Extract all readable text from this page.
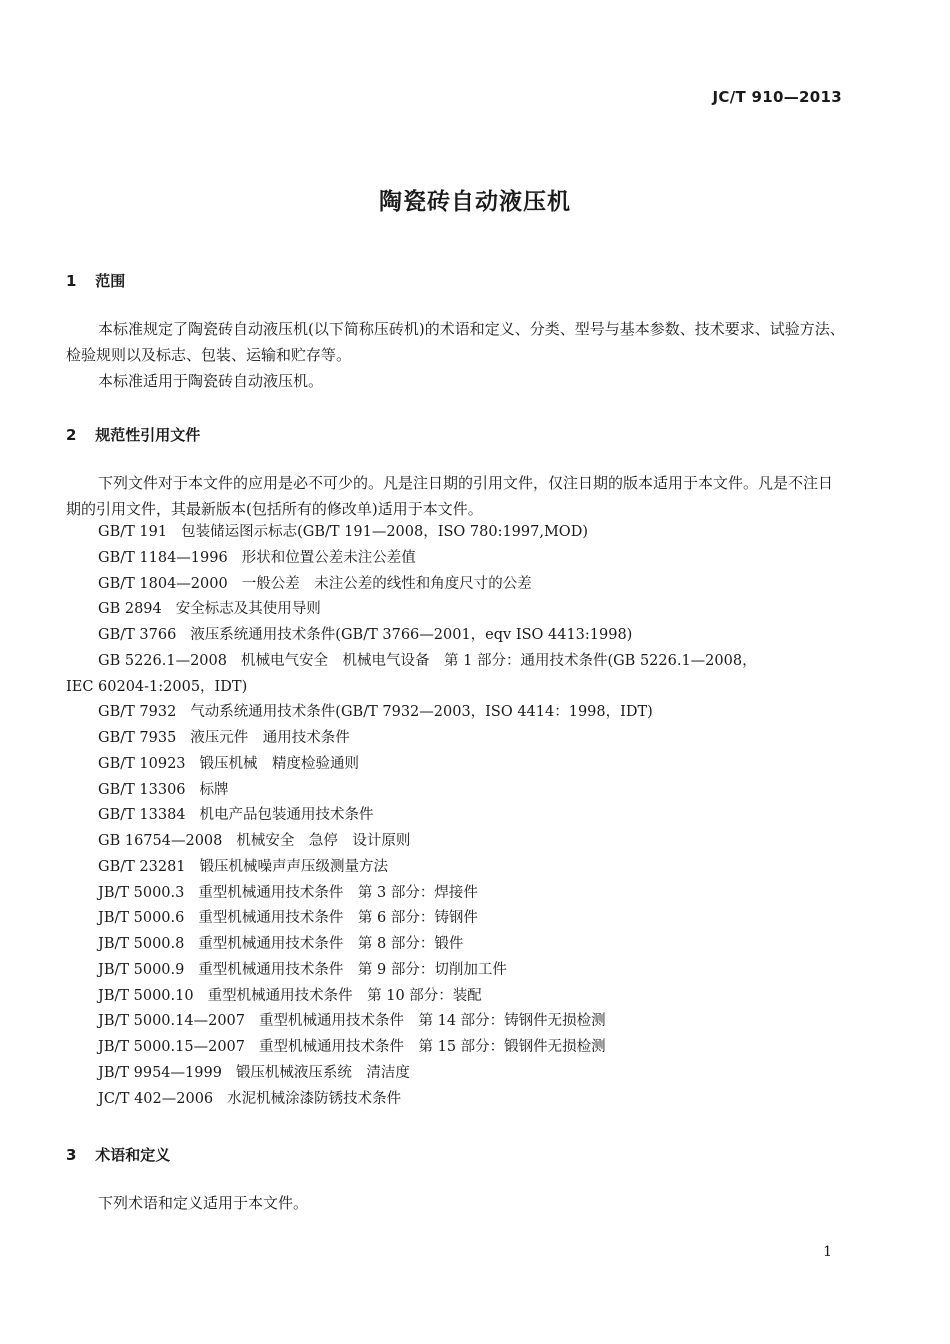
JC/T 910—2013
陶瓷砖自动液压机
1 范围
本标准规定了陶瓷砖自动液压机(以下简称压砖机)的术语和定义、分类、型号与基本参数、技术要求、试验方法、检验规则以及标志、包装、运输和贮存等。
本标准适用于陶瓷砖自动液压机。
2 规范性引用文件
下列文件对于本文件的应用是必不可少的。凡是注日期的引用文件，仅注日期的版本适用于本文件。凡是不注日期的引用文件，其最新版本(包括所有的修改单)适用于本文件。
GB/T 191 包装储运图示标志(GB/T 191—2008，ISO 780:1997,MOD)
GB/T 1184—1996 形状和位置公差未注公差值
GB/T 1804—2000 一般公差　未注公差的线性和角度尺寸的公差
GB 2894 安全标志及其使用导则
GB/T 3766 液压系统通用技术条件(GB/T 3766—2001，eqv ISO 4413:1998)
GB 5226.1—2008 机械电气安全　机械电气设备　第 1 部分：通用技术条件(GB 5226.1—2008，
IEC 60204-1:2005，IDT)
GB/T 7932 气动系统通用技术条件(GB/T 7932—2003，ISO 4414：1998，IDT)
GB/T 7935 液压元件　通用技术条件
GB/T 10923 锻压机械　精度检验通则
GB/T 13306 标牌
GB/T 13384 机电产品包装通用技术条件
GB 16754—2008 机械安全　急停　设计原则
GB/T 23281 锻压机械噪声声压级测量方法
JB/T 5000.3 重型机械通用技术条件　第 3 部分：焊接件
JB/T 5000.6 重型机械通用技术条件　第 6 部分：铸钢件
JB/T 5000.8 重型机械通用技术条件　第 8 部分：锻件
JB/T 5000.9 重型机械通用技术条件　第 9 部分：切削加工件
JB/T 5000.10 重型机械通用技术条件　第 10 部分：装配
JB/T 5000.14—2007 重型机械通用技术条件　第 14 部分：铸钢件无损检测
JB/T 5000.15—2007 重型机械通用技术条件　第 15 部分：锻钢件无损检测
JB/T 9954—1999 锻压机械液压系统　清洁度
JC/T 402—2006 水泥机械涂漆防锈技术条件
3 术语和定义
下列术语和定义适用于本文件。
1
